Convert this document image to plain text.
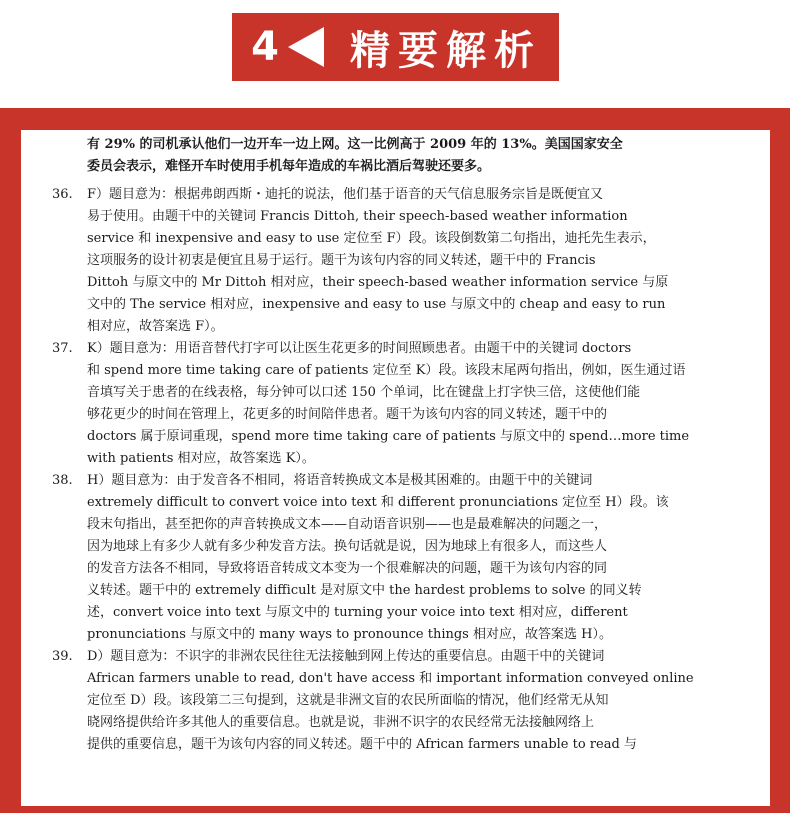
4 精要解析
有 29% 的司机承认他们一边开车一边上网。这一比例高于 2009 年的 13%。美国国家安全
委员会表示，难怪开车时使用手机每年造成的车祸比酒后驾驶还要多。
36. F）题目意为：根据弗朗西斯・迪托的说法，他们基于语音的天气信息服务宗旨是既便宜又
易于使用。由题干中的关键词 Francis Dittoh, their speech-based weather information
service 和 inexpensive and easy to use 定位至 F）段。该段倒数第二句指出，迪托先生表示，
这项服务的设计初衷是便宜且易于运行。题干为该句内容的同义转述，题干中的 Francis
Dittoh 与原文中的 Mr Dittoh 相对应，their speech-based weather information service 与原
文中的 The service 相对应，inexpensive and easy to use 与原文中的 cheap and easy to run
相对应，故答案选 F）。
37. K）题目意为：用语音替代打字可以让医生花更多的时间照顾患者。由题干中的关键词 doctors
和 spend more time taking care of patients 定位至 K）段。该段末尾两句指出，例如，医生通过语
音填写关于患者的在线表格，每分钟可以口述 150 个单词，比在键盘上打字快三倍，这使他们能
够花更少的时间在管理上，花更多的时间陪伴患者。题干为该句内容的同义转述，题干中的
doctors 属于原词重现，spend more time taking care of patients 与原文中的 spend…more time
with patients 相对应，故答案选 K）。
38. H）题目意为：由于发音各不相同，将语音转换成文本是极其困难的。由题干中的关键词
extremely difficult to convert voice into text 和 different pronunciations 定位至 H）段。该
段末句指出，甚至把你的声音转换成文本——自动语音识别——也是最难解决的问题之一，
因为地球上有多少人就有多少种发音方法。换句话就是说，因为地球上有很多人，而这些人
的发音方法各不相同，导致将语音转成文本变为一个很难解决的问题，题干为该句内容的同
义转述。题干中的 extremely difficult 是对原文中 the hardest problems to solve 的同义转
述，convert voice into text 与原文中的 turning your voice into text 相对应，different
pronunciations 与原文中的 many ways to pronounce things 相对应，故答案选 H）。
39. D）题目意为：不识字的非洲农民往往无法接触到网上传达的重要信息。由题干中的关键词
African farmers unable to read, don't have access 和 important information conveyed online
定位至 D）段。该段第二三句提到，这就是非洲文盲的农民所面临的情况，他们经常无从知
晓网络提供给许多其他人的重要信息。也就是说，非洲不识字的农民经常无法接触网络上
提供的重要信息，题干为该句内容的同义转述。题干中的 African farmers unable to read 与
